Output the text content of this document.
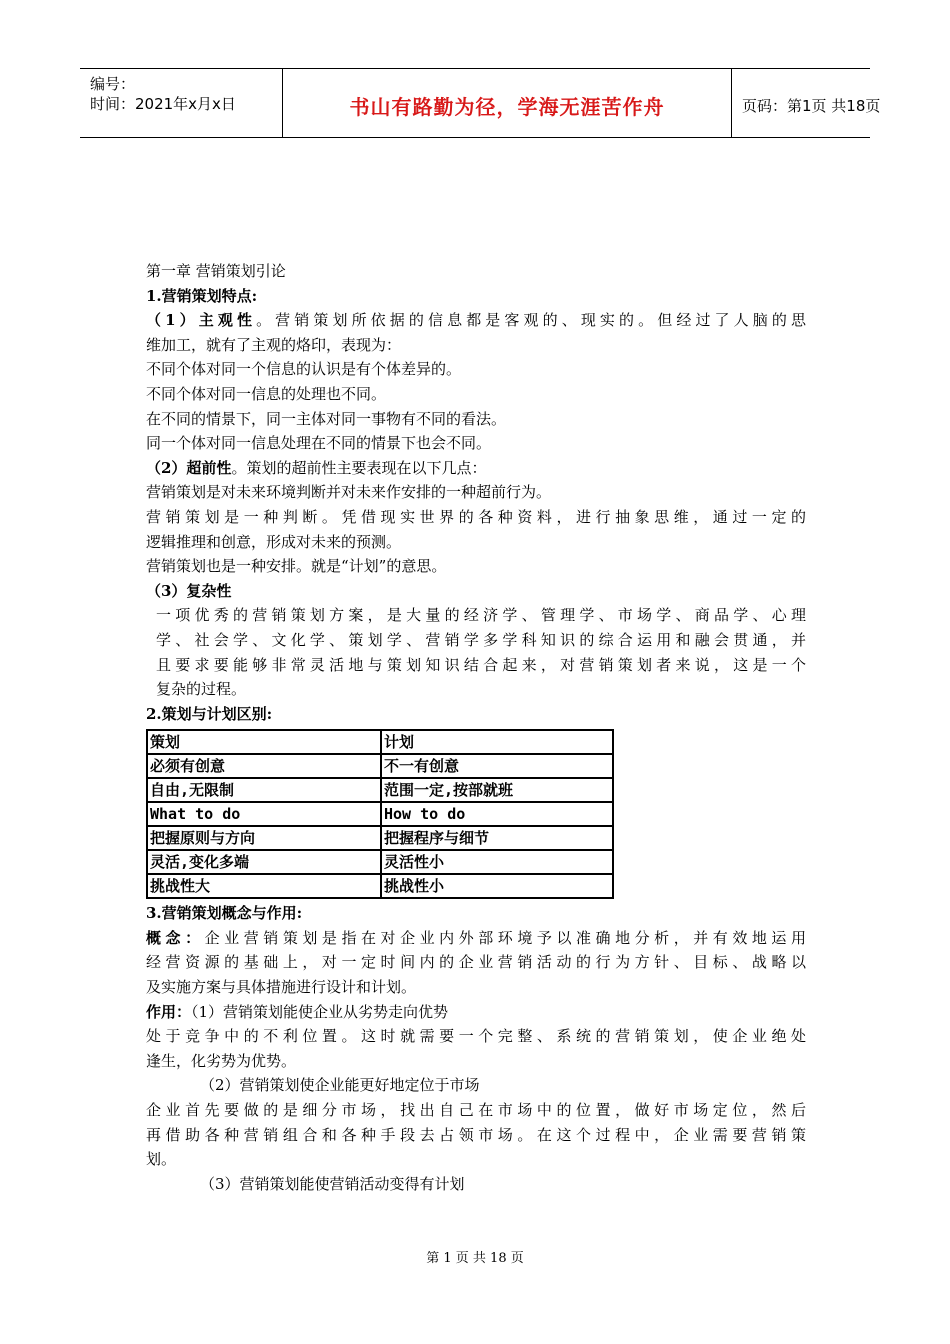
编号：
时间：2021年x月x日	书山有路勤为径，学海无涯苦作舟	页码：第1页 共18页
第一章 营销策划引论
1.营销策划特点:
（1）主观性。营销策划所依据的信息都是客观的、现实的。但经过了人脑的思
维加工，就有了主观的烙印，表现为：
不同个体对同一个信息的认识是有个体差异的。
不同个体对同一信息的处理也不同。
在不同的情景下，同一主体对同一事物有不同的看法。
同一个体对同一信息处理在不同的情景下也会不同。
（2）超前性。策划的超前性主要表现在以下几点：
营销策划是对未来环境判断并对未来作安排的一种超前行为。
营销策划是一种判断。凭借现实世界的各种资料，进行抽象思维，通过一定的
逻辑推理和创意，形成对未来的预测。
营销策划也是一种安排。就是“计划”的意思。
（3）复杂性
一项优秀的营销策划方案，是大量的经济学、管理学、市场学、商品学、心理
学、社会学、文化学、策划学、营销学多学科知识的综合运用和融会贯通，并
且要求要能够非常灵活地与策划知识结合起来，对营销策划者来说，这是一个
复杂的过程。
2.策划与计划区别:
策划	计划
必须有创意	不一有创意
自由,无限制	范围一定,按部就班
What to do	How to do
把握原则与方向	把握程序与细节
灵活,变化多端	灵活性小
挑战性大	挑战性小
3.营销策划概念与作用:
概念：企业营销策划是指在对企业内外部环境予以准确地分析，并有效地运用
经营资源的基础上，对一定时间内的企业营销活动的行为方针、目标、战略以
及实施方案与具体措施进行设计和计划。
作用：（1）营销策划能使企业从劣势走向优势
处于竞争中的不利位置。这时就需要一个完整、系统的营销策划，使企业绝处
逢生，化劣势为优势。
（2）营销策划使企业能更好地定位于市场
企业首先要做的是细分市场，找出自己在市场中的位置，做好市场定位，然后
再借助各种营销组合和各种手段去占领市场。在这个过程中，企业需要营销策
划。
（3）营销策划能使营销活动变得有计划
第 1 页 共 18 页
